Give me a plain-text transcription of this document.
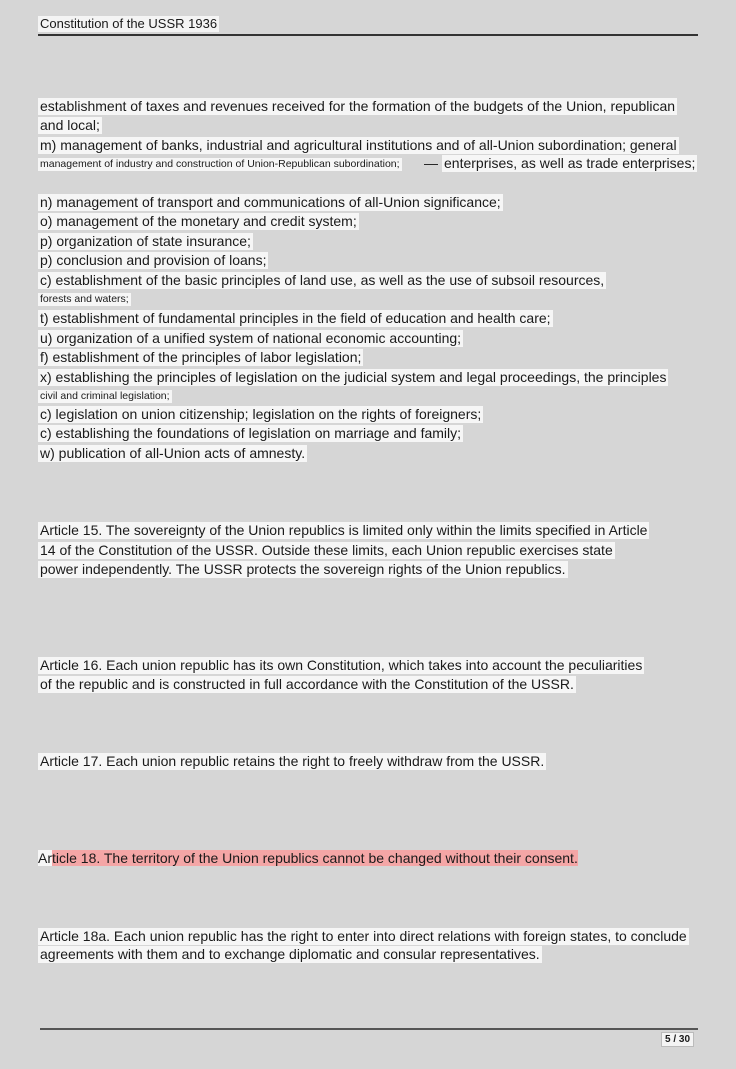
Constitution of the USSR 1936
establishment of taxes and revenues received for the formation of the budgets of the Union, republican
and local;
m) management of banks, industrial and agricultural institutions and of all-Union subordination; general
management of industry and construction of Union-Republican subordination; — enterprises, as well as trade enterprises;
n) management of transport and communications of all-Union significance;
o) management of the monetary and credit system;
p) organization of state insurance;
p) conclusion and provision of loans;
c) establishment of the basic principles of land use, as well as the use of subsoil resources,
forests and waters;
t) establishment of fundamental principles in the field of education and health care;
u) organization of a unified system of national economic accounting;
f) establishment of the principles of labor legislation;
x) establishing the principles of legislation on the judicial system and legal proceedings, the principles
civil and criminal legislation;
c) legislation on union citizenship; legislation on the rights of foreigners;
c) establishing the foundations of legislation on marriage and family;
w) publication of all-Union acts of amnesty.
Article 15. The sovereignty of the Union republics is limited only within the limits specified in Article
14 of the Constitution of the USSR. Outside these limits, each Union republic exercises state
power independently. The USSR protects the sovereign rights of the Union republics.
Article 16. Each union republic has its own Constitution, which takes into account the peculiarities
of the republic and is constructed in full accordance with the Constitution of the USSR.
Article 17. Each union republic retains the right to freely withdraw from the USSR.
Article 18. The territory of the Union republics cannot be changed without their consent.
Article 18a. Each union republic has the right to enter into direct relations with foreign states, to conclude
agreements with them and to exchange diplomatic and consular representatives.
5 / 30
